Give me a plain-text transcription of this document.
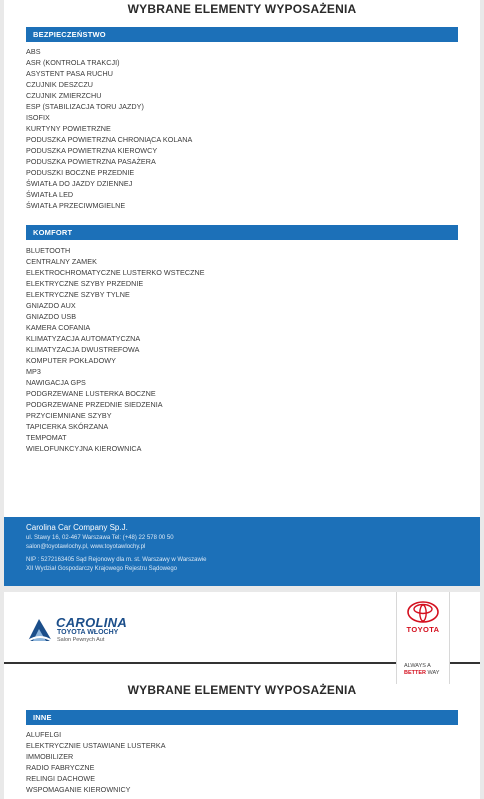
WYBRANE ELEMENTY WYPOSAŻENIA
BEZPIECZEŃSTWO
ABS
ASR (KONTROLA TRAKCJI)
ASYSTENT PASA RUCHU
CZUJNIK DESZCZU
CZUJNIK ZMIERZCHU
ESP (STABILIZACJA TORU JAZDY)
ISOFIX
KURTYNY POWIETRZNE
PODUSZKA POWIETRZNA CHRONIĄCA KOLANA
PODUSZKA POWIETRZNA KIEROWCY
PODUSZKA POWIETRZNA PASAŻERA
PODUSZKI BOCZNE PRZEDNIE
ŚWIATŁA DO JAZDY DZIENNEJ
ŚWIATŁA LED
ŚWIATŁA PRZECIWMGIELNE
KOMFORT
BLUETOOTH
CENTRALNY ZAMEK
ELEKTROCHROMATYCZNE LUSTERKO WSTECZNE
ELEKTRYCZNE SZYBY PRZEDNIE
ELEKTRYCZNE SZYBY TYLNE
GNIAZDO AUX
GNIAZDO USB
KAMERA COFANIA
KLIMATYZACJA AUTOMATYCZNA
KLIMATYZACJA DWUSTREFOWA
KOMPUTER POKŁADOWY
MP3
NAWIGACJA GPS
PODGRZEWANE LUSTERKA BOCZNE
PODGRZEWANE PRZEDNIE SIEDZENIA
PRZYCIEMNIANE SZYBY
TAPICERKA SKÓRZANA
TEMPOMAT
WIELOFUNKCYJNA KIEROWNICA
Carolina Car Company Sp.J.
ul. Stawy 16, 02-467 Warszawa Tel: (+48) 22 578 00 50
salon@toyotawlochy.pl, www.toyotawlochy.pl
NIP : 5272163405 Sąd Rejonowy dla m. st. Warszawy w Warszawie
XII Wydział Gospodarczy Krajowego Rejestru Sądowego
CAROLINA
TOYOTA WŁOCHY
Salon Pewnych Aut
TOYOTA
ALWAYS A
BETTER WAY
WYBRANE ELEMENTY WYPOSAŻENIA
INNE
ALUFELGI
ELEKTRYCZNIE USTAWIANE LUSTERKA
IMMOBILIZER
RADIO FABRYCZNE
RELINGI DACHOWE
WSPOMAGANIE KIEROWNICY
